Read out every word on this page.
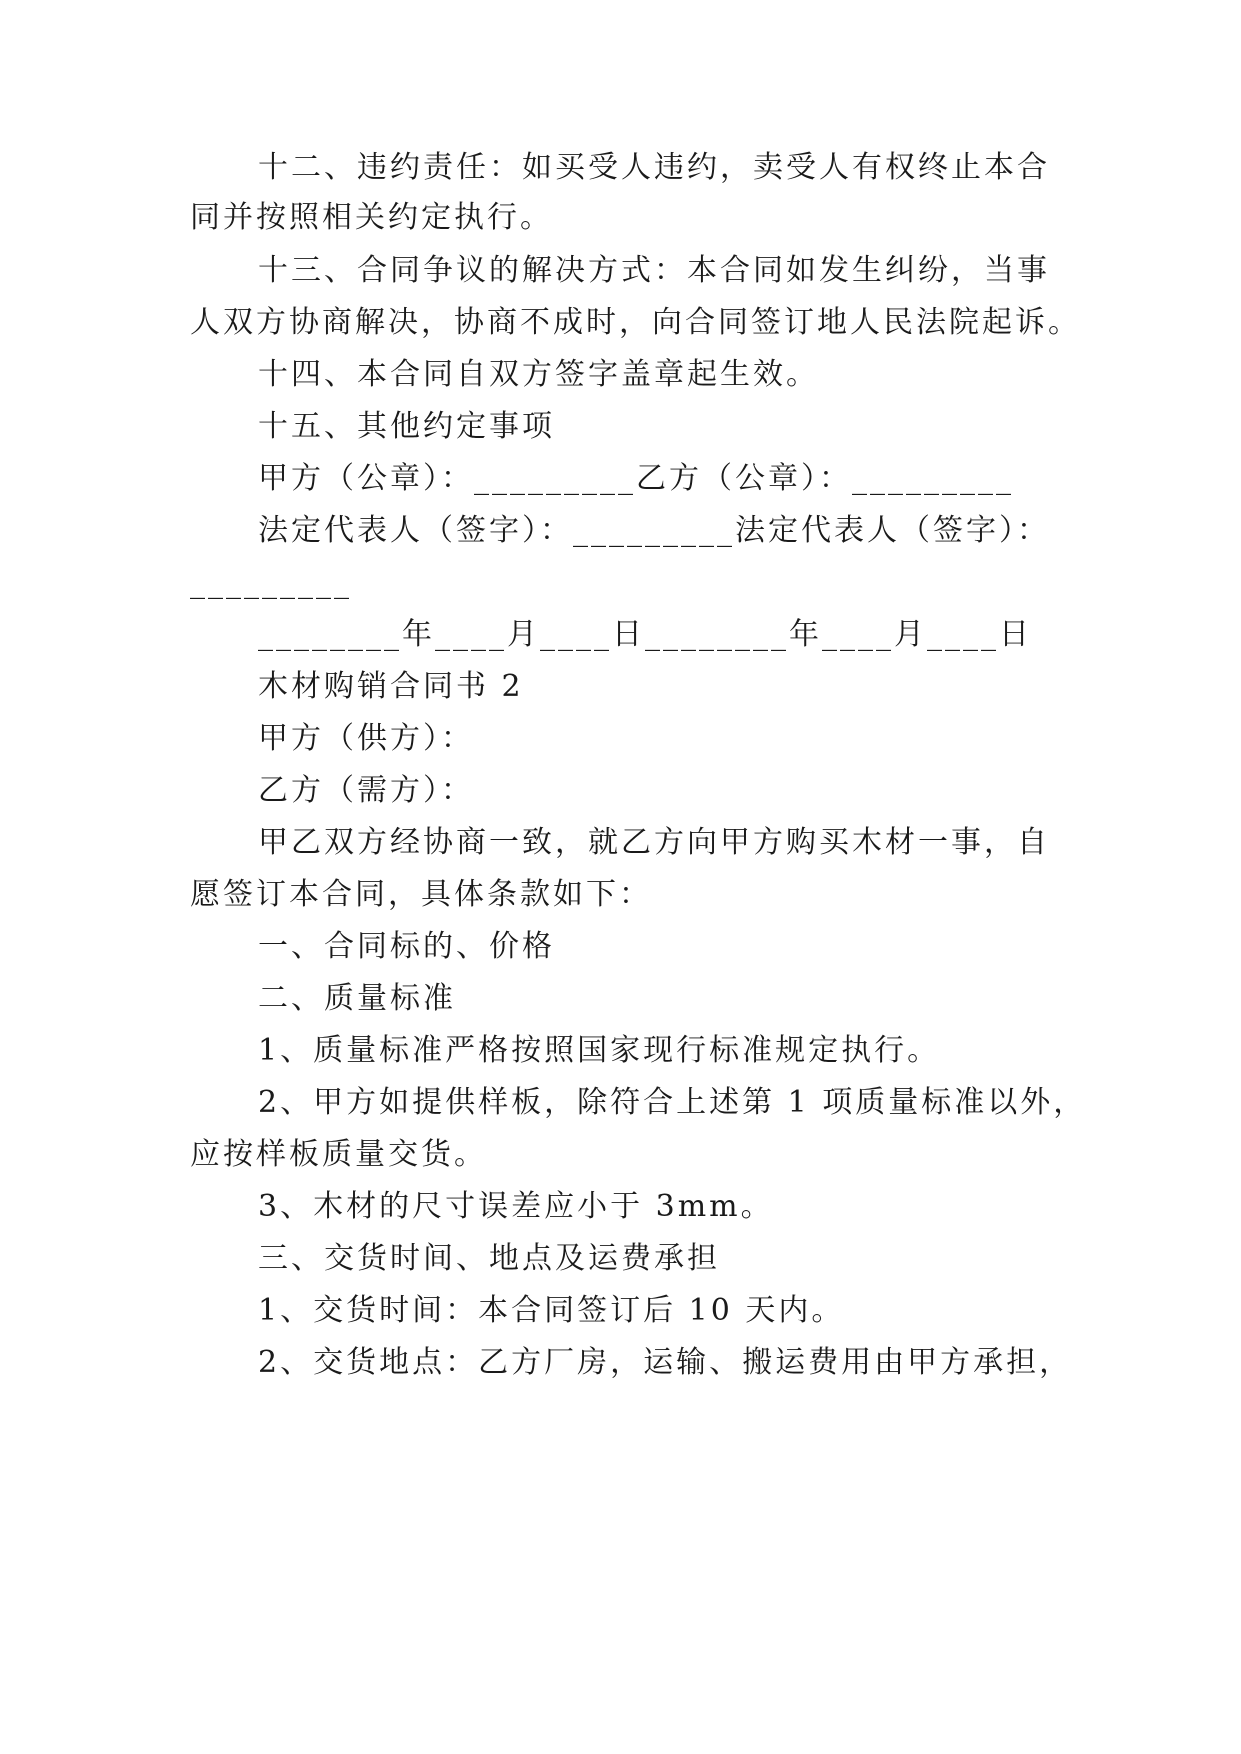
十二、违约责任：如买受人违约，卖受人有权终止本合
同并按照相关约定执行。
十三、合同争议的解决方式：本合同如发生纠纷，当事
人双方协商解决，协商不成时，向合同签订地人民法院起诉。
十四、本合同自双方签字盖章起生效。
十五、其他约定事项
甲方（公章）：_________乙方（公章）：_________
法定代表人（签字）：_________法定代表人（签字）：
_________
________年____月____日________年____月____日
木材购销合同书 2
甲方（供方）：
乙方（需方）：
甲乙双方经协商一致，就乙方向甲方购买木材一事，自
愿签订本合同，具体条款如下：
一、合同标的、价格
二、质量标准
1、质量标准严格按照国家现行标准规定执行。
2、甲方如提供样板，除符合上述第 1 项质量标准以外，
应按样板质量交货。
3、木材的尺寸误差应小于 3mm。
三、交货时间、地点及运费承担
1、交货时间：本合同签订后 10 天内。
2、交货地点：乙方厂房，运输、搬运费用由甲方承担，
